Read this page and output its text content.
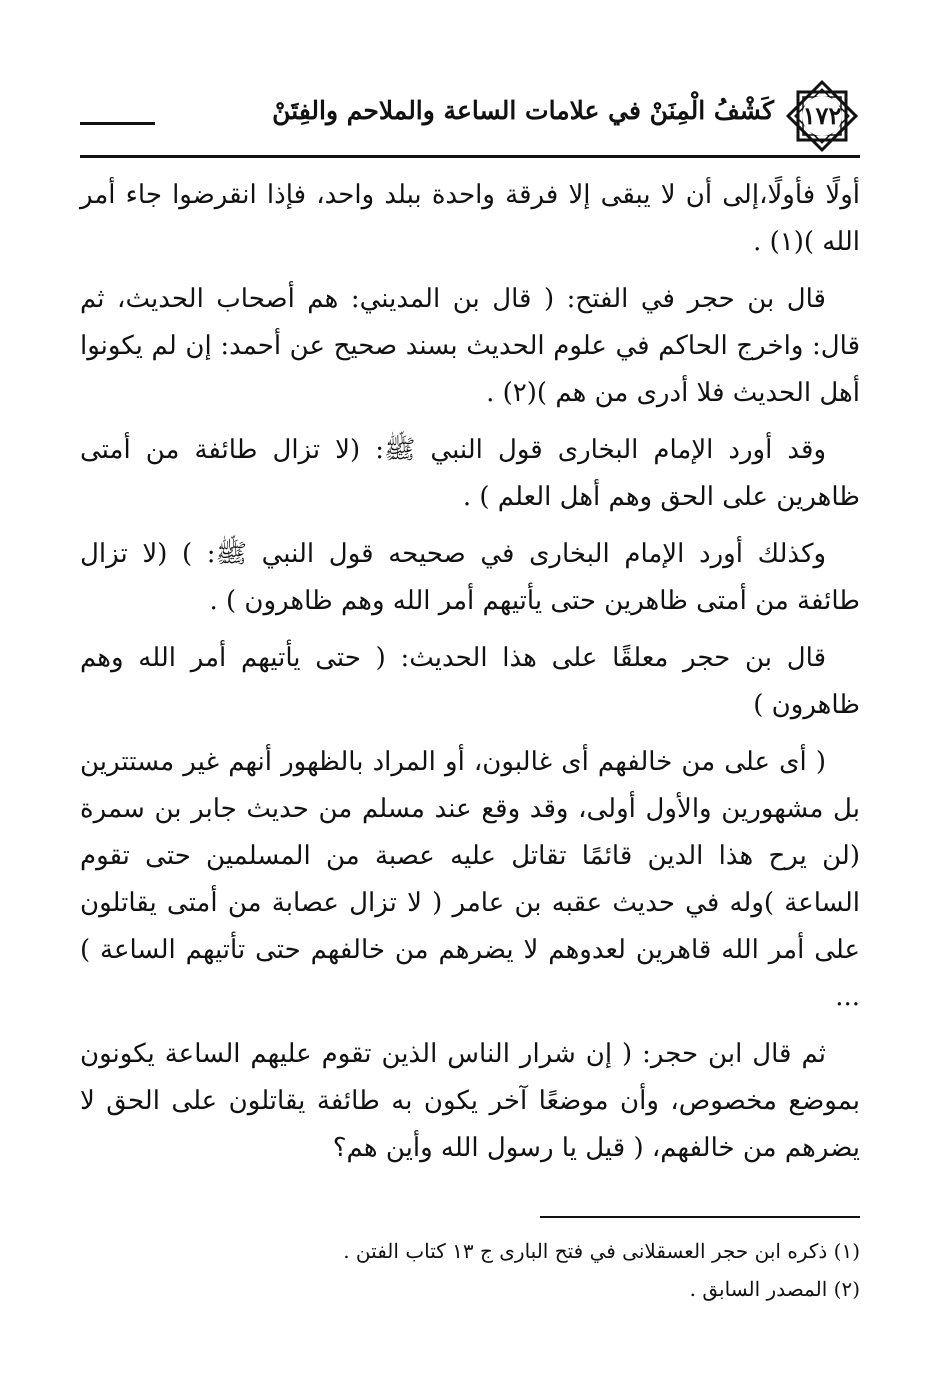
١٧٢
كَشْفُ الْمِنَنْ في علامات الساعة والملاحم والفِتَنْ

أولًا فأولًا،إلى أن لا يبقى إلا فرقة واحدة ببلد واحد، فإذا انقرضوا جاء أمر الله )(١) .

قال بن حجر في الفتح: ( قال بن المديني: هم أصحاب الحديث، ثم قال: واخرج الحاكم في علوم الحديث بسند صحيح عن أحمد: إن لم يكونوا أهل الحديث فلا أدرى من هم )(٢) .

وقد أورد الإمام البخارى قول النبي ﷺ: (لا تزال طائفة من أمتى ظاهرين على الحق وهم أهل العلم ) .

وكذلك أورد الإمام البخارى في صحيحه قول النبي ﷺ: ) (لا تزال طائفة من أمتى ظاهرين حتى يأتيهم أمر الله وهم ظاهرون ) .

قال بن حجر معلقًا على هذا الحديث: ( حتى يأتيهم أمر الله وهم ظاهرون )

( أى على من خالفهم أى غالبون، أو المراد بالظهور أنهم غير مستترين بل مشهورين والأول أولى، وقد وقع عند مسلم من حديث جابر بن سمرة (لن يرح هذا الدين قائمًا تقاتل عليه عصبة من المسلمين حتى تقوم الساعة )وله في حديث عقبه بن عامر ( لا تزال عصابة من أمتى يقاتلون على أمر الله قاهرين لعدوهم لا يضرهم من خالفهم حتى تأتيهم الساعة ) ...

ثم قال ابن حجر: ( إن شرار الناس الذين تقوم عليهم الساعة يكونون بموضع مخصوص، وأن موضعًا آخر يكون به طائفة يقاتلون على الحق لا يضرهم من خالفهم، ( قيل يا رسول الله وأين هم؟

(١) ذكره ابن حجر العسقلانى في فتح البارى ج ١٣ كتاب الفتن .

(٢) المصدر السابق .
